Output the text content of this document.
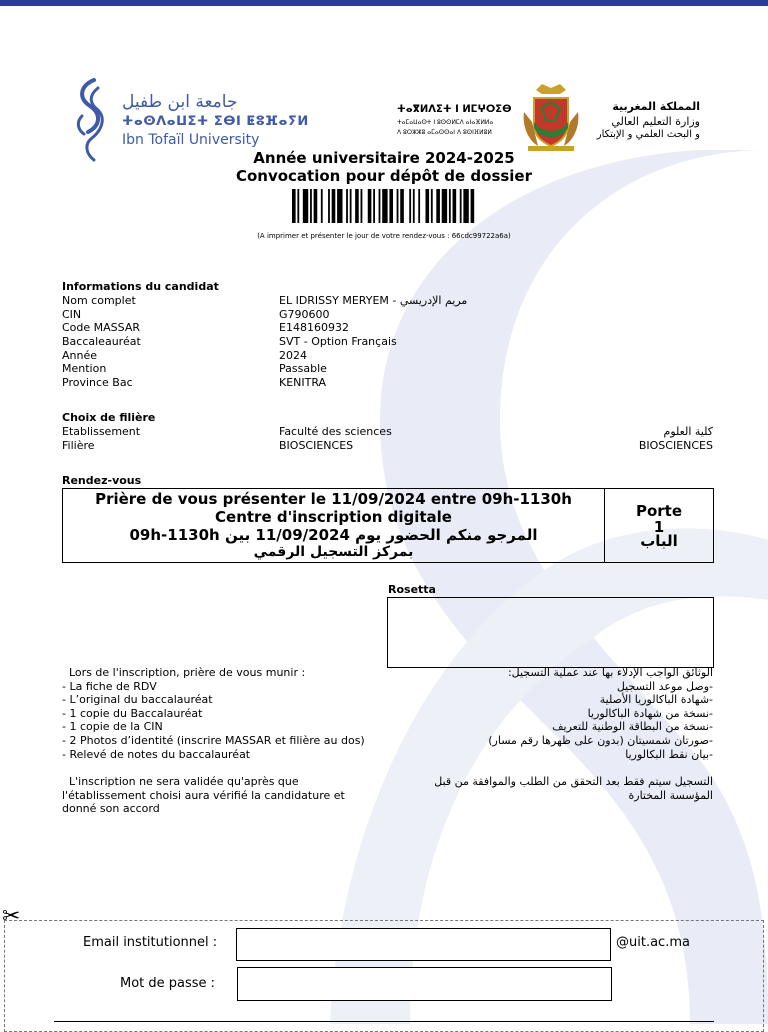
جامعة ابن طفيل
ⵜⴰⵙⴷⴰⵡⵉⵜ ⵉⴱⵏ ⵟⵓⴼⴰⵢⵍ
Ibn Tofaïl University
ⵜⴰⴳⵍⴷⵉⵜ ⵏ ⵍⵎⵖⵔⵉⴱ
ⵜⴰⵎⴰⵡⴰⵙⵜ ⵏ ⵓⵙⵙⵍⵎⴷ ⴰⵏⴰⴼⵍⵍⴰ
ⴷ ⵓⵔⵣⵣⵓ ⴰⵎⴰⵙⵙⴰⵏ ⴷ ⵓⵙⵏⴼⵍⵓⵍ
المملكة المغربية
وزارة التعليم العالي
و البحث العلمي و الإبتكار
Année universitaire 2024-2025
Convocation pour dépôt de dossier
(A imprimer et présenter le jour de votre rendez-vous : 66cdc99722a6a)
Informations du candidat
Nom complet	EL IDRISSY MERYEM - مريم الإدريسي
CIN	G790600
Code MASSAR	E148160932
Baccaleauréat	SVT - Option Français
Année	2024
Mention	Passable
Province Bac	KENITRA
Choix de filière
Etablissement	Faculté des sciences	كلية العلوم
Filière	BIOSCIENCES	BIOSCIENCES
Rendez-vous
Prière de vous présenter le 11/09/2024 entre 09h-1130h
Centre d'inscription digitale
المرجو منكم الحضور يوم 11/09/2024 بين 09h-1130h
بمركز التسجيل الرقمي
Porte
1
الباب
Rosetta
Lors de l'inscription, prière de vous munir :
- La fiche de RDV
- L’original du baccalauréat
- 1 copie du Baccalauréat
- 1 copie de la CIN
- 2 Photos d’identité (inscrire MASSAR et filière au dos)
- Relevé de notes du baccalauréat
الوثائق الواجب الإدلاء بها عند عملية التسجيل:
-وصل موعد التسجيل
-شهادة الباكالوريا الأصلية
-نسخة من شهادة الباكالوريا
-نسخة من البطاقة الوطنية للتعريف
-صورتان شمسيتان (بدون على ظهرها رقم مسار)
-بيان نقط البكالوريا
L'inscription ne sera validée qu'après que
l'établissement choisi aura vérifié la candidature et
donné son accord
التسجيل سيتم فقط بعد التحقق من الطلب والموافقة من قبل
المؤسسة المختارة
✂
Email institutionnel :	@uit.ac.ma
Mot de passe :
